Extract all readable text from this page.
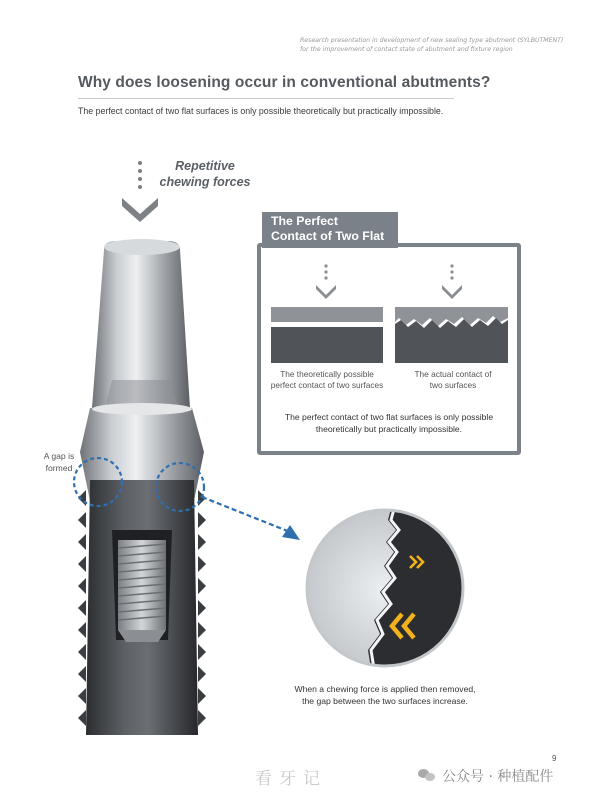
Research presentation in development of new sealing type abutment (SYLBUTMENT)
for the improvement of contact state of abutment and fixture region
Why does loosening occur in conventional abutments?
The perfect contact of two flat surfaces is only possible theoretically but practically impossible.
Repetitive
chewing forces
A gap is
formed
The Perfect
Contact of Two Flat
The theoretically possible
perfect contact of two surfaces
The actual contact of
two surfaces
The perfect contact of two flat surfaces is only possible
theoretically but practically impossible.
When a chewing force is applied then removed,
the gap between the two surfaces increase.
9
看牙记	公众号 · 种植配件
